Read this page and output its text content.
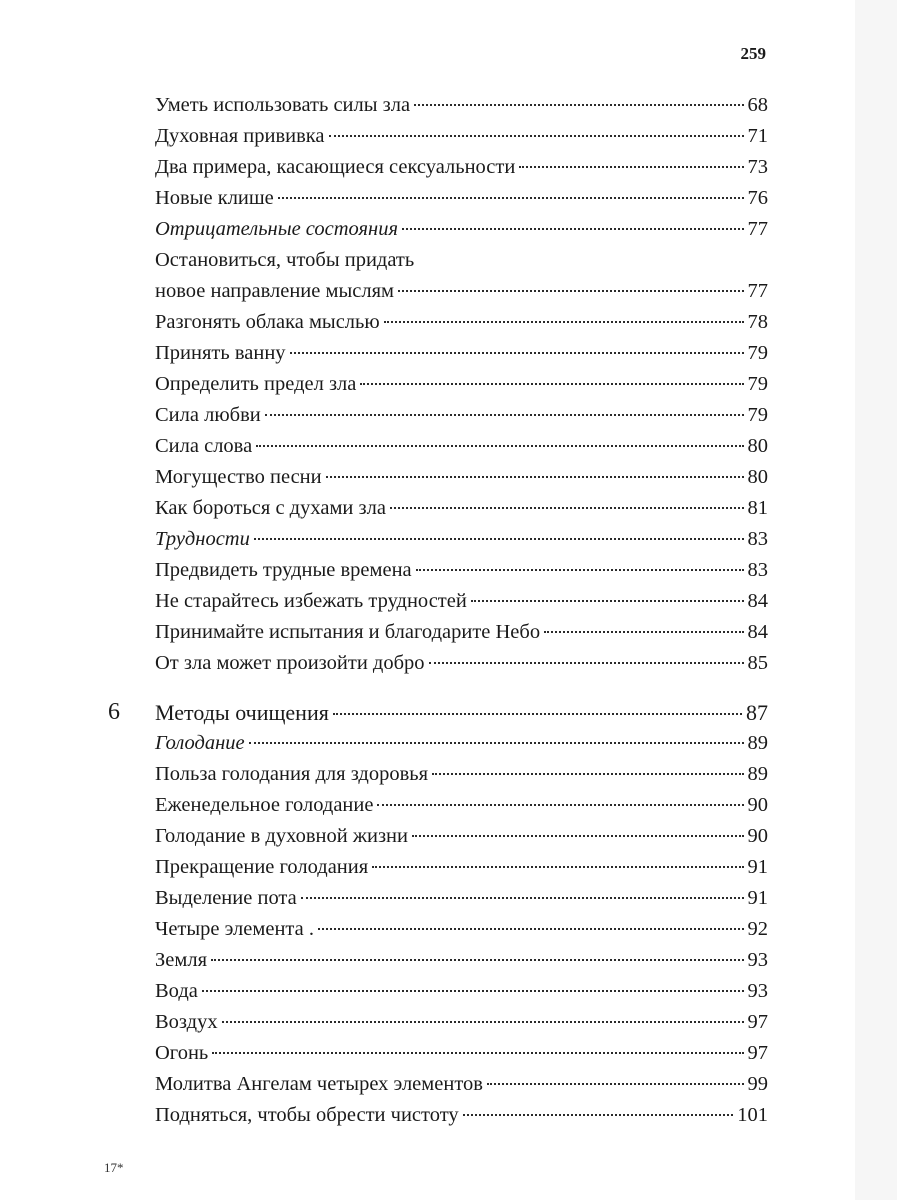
259
Уметь использовать силы зла	68
Духовная прививка	71
Два примера, касающиеся сексуальности	73
Новые клише	76
Отрицательные состояния	77
Остановиться, чтобы придать
новое направление мыслям	77
Разгонять облака мыслью	78
Принять ванну	79
Определить предел зла	79
Сила любви	79
Сила слова	80
Могущество песни	80
Как бороться с духами зла	81
Трудности	83
Предвидеть трудные времена	83
Не старайтесь избежать трудностей	84
Принимайте испытания и благодарите Небо	84
От зла может произойти добро	85
6	Методы очищения	87
Голодание	89
Польза голодания для здоровья	89
Еженедельное голодание	90
Голодание в духовной жизни	90
Прекращение голодания	91
Выделение пота	91
Четыре элемента .	92
Земля	93
Вода	93
Воздух	97
Огонь	97
Молитва Ангелам четырех элементов	99
Подняться, чтобы обрести чистоту	101
17*
